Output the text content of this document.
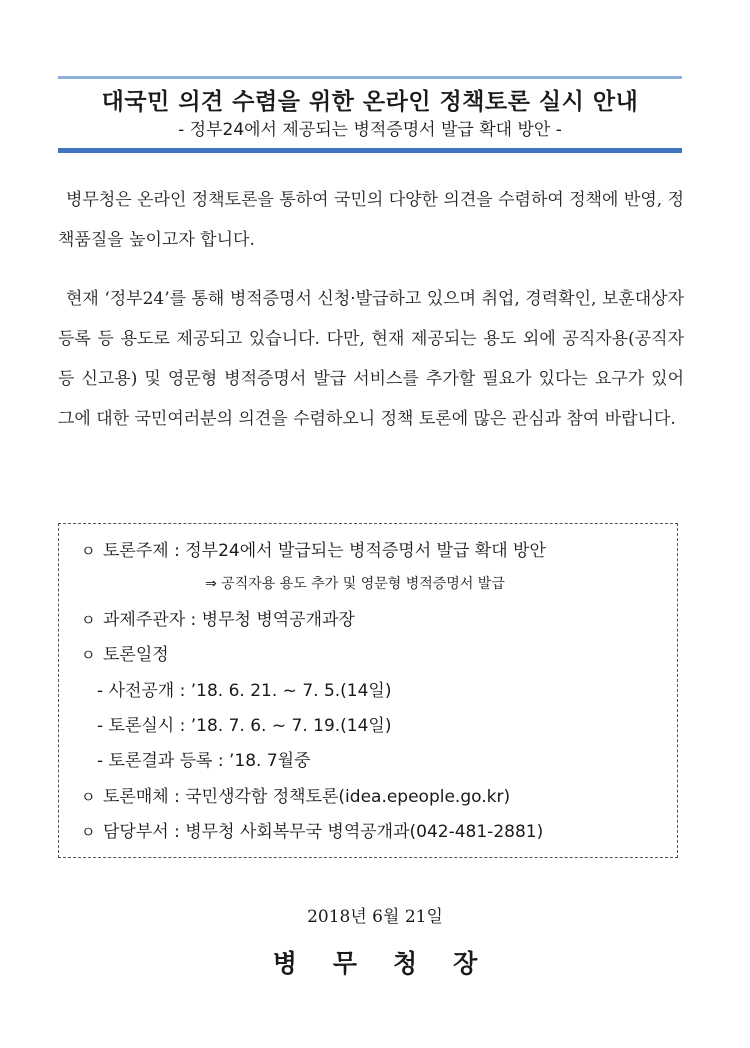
대국민 의견 수렴을 위한 온라인 정책토론 실시 안내
- 정부24에서 제공되는 병적증명서 발급 확대 방안 -

병무청은 온라인 정책토론을 통하여 국민의 다양한 의견을 수렴하여 정책에 반영, 정책품질을 높이고자 합니다.

현재 ‘정부24’를 통해 병적증명서 신청·발급하고 있으며 취업, 경력확인, 보훈대상자 등록 등 용도로 제공되고 있습니다. 다만, 현재 제공되는 용도 외에 공직자용(공직자등 신고용) 및 영문형 병적증명서 발급 서비스를 추가할 필요가 있다는 요구가 있어 그에 대한 국민여러분의 의견을 수렴하오니 정책 토론에 많은 관심과 참여 바랍니다.

ㅇ 토론주제 : 정부24에서 발급되는 병적증명서 발급 확대 방안
⇒ 공직자용 용도 추가 및 영문형 병적증명서 발급
ㅇ 과제주관자 : 병무청 병역공개과장
ㅇ 토론일정
- 사전공개 : ’18. 6. 21. ~ 7. 5.(14일)
- 토론실시 : ’18. 7. 6. ~ 7. 19.(14일)
- 토론결과 등록 : ’18. 7월중
ㅇ 토론매체 : 국민생각함 정책토론(idea.epeople.go.kr)
ㅇ 담당부서 : 병무청 사회복무국 병역공개과(042-481-2881)
2018년 6월 21일
병무청장
